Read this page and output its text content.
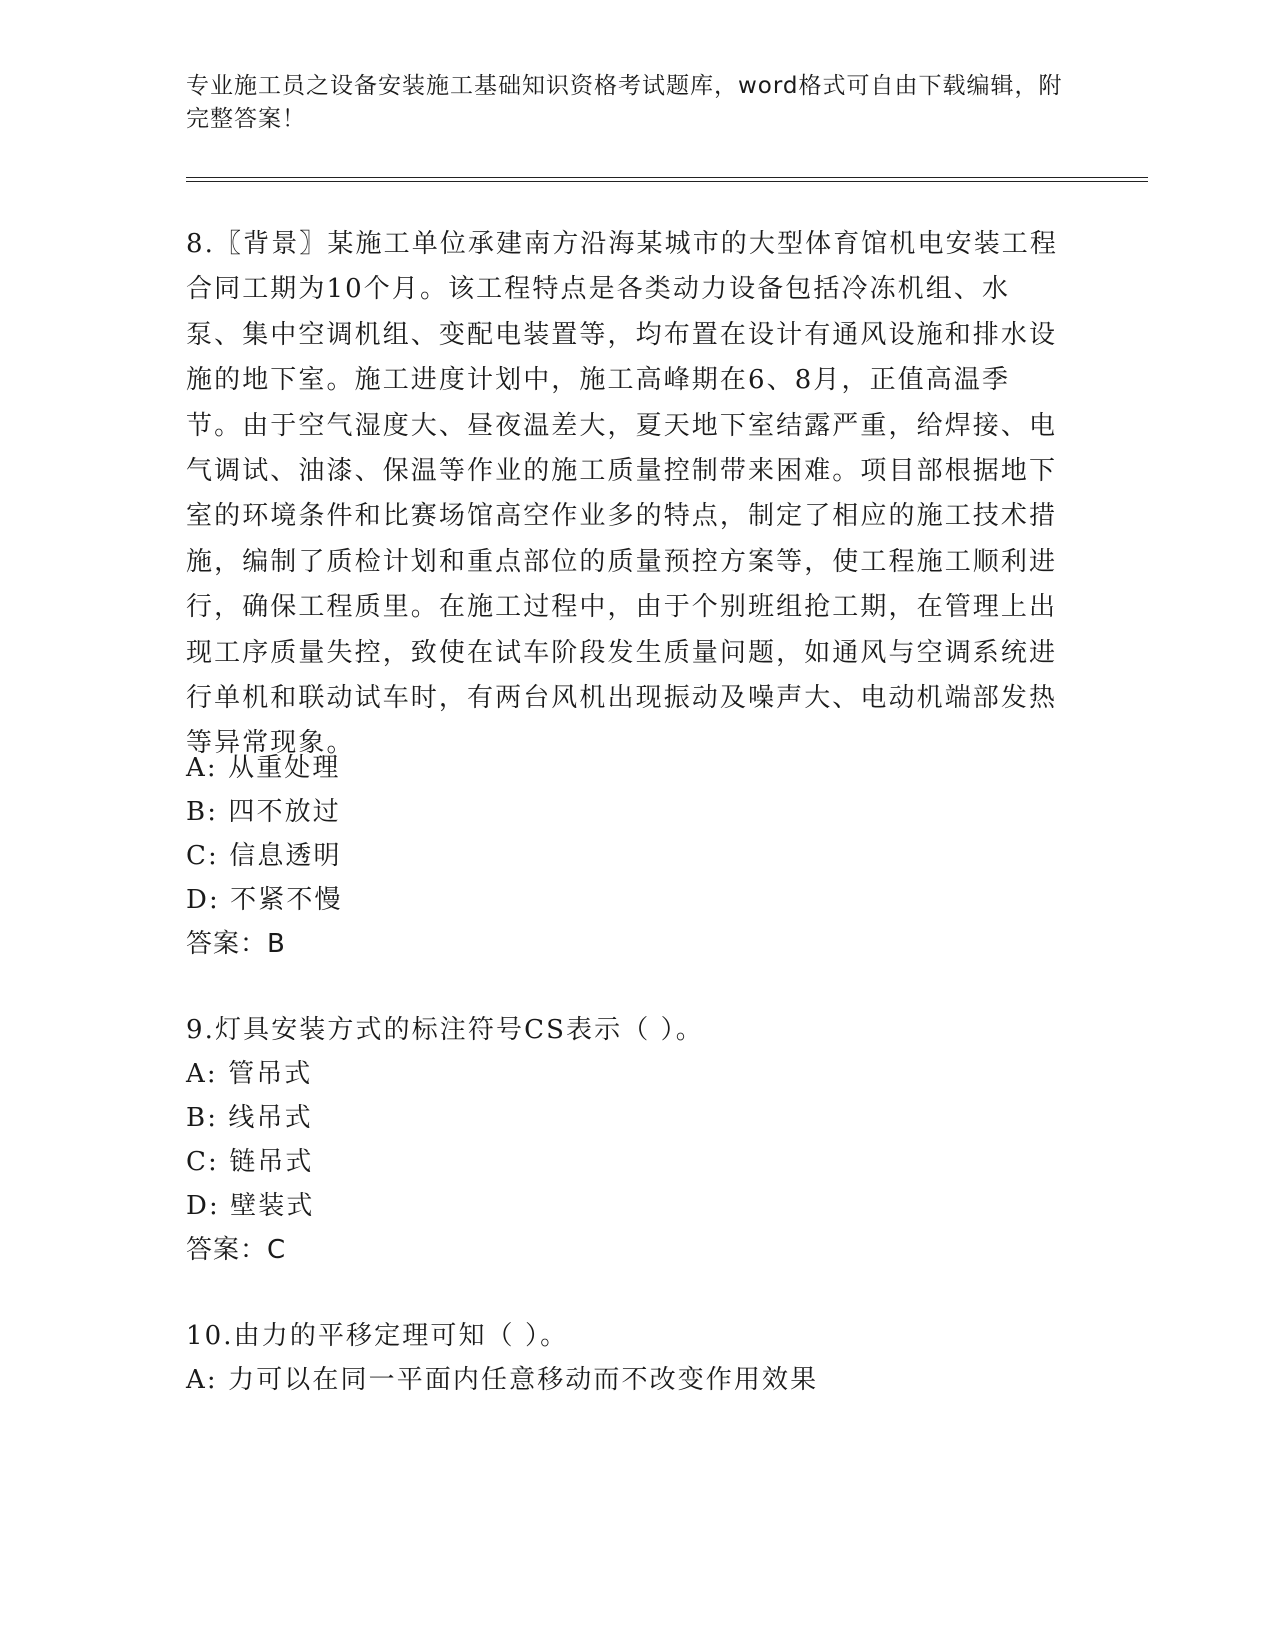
专业施工员之设备安装施工基础知识资格考试题库，word格式可自由下载编辑，附完整答案！
8.〖背景〗某施工单位承建南方沿海某城市的大型体育馆机电安装工程合同工期为10个月。该工程特点是各类动力设备包括冷冻机组、水泵、集中空调机组、变配电装置等，均布置在设计有通风设施和排水设施的地下室。施工进度计划中，施工高峰期在6、8月，正值高温季节。由于空气湿度大、昼夜温差大，夏天地下室结露严重，给焊接、电气调试、油漆、保温等作业的施工质量控制带来困难。项目部根据地下室的环境条件和比赛场馆高空作业多的特点，制定了相应的施工技术措施，编制了质检计划和重点部位的质量预控方案等，使工程施工顺利进行，确保工程质里。在施工过程中，由于个别班组抢工期，在管理上出现工序质量失控，致使在试车阶段发生质量问题，如通风与空调系统进行单机和联动试车时，有两台风机出现振动及噪声大、电动机端部发热等异常现象。
A: 从重处理
B: 四不放过
C: 信息透明
D: 不紧不慢
答案：B
9.灯具安装方式的标注符号CS表示（ ）。
A: 管吊式
B: 线吊式
C: 链吊式
D: 壁装式
答案：C
10.由力的平移定理可知（ ）。
A: 力可以在同一平面内任意移动而不改变作用效果
